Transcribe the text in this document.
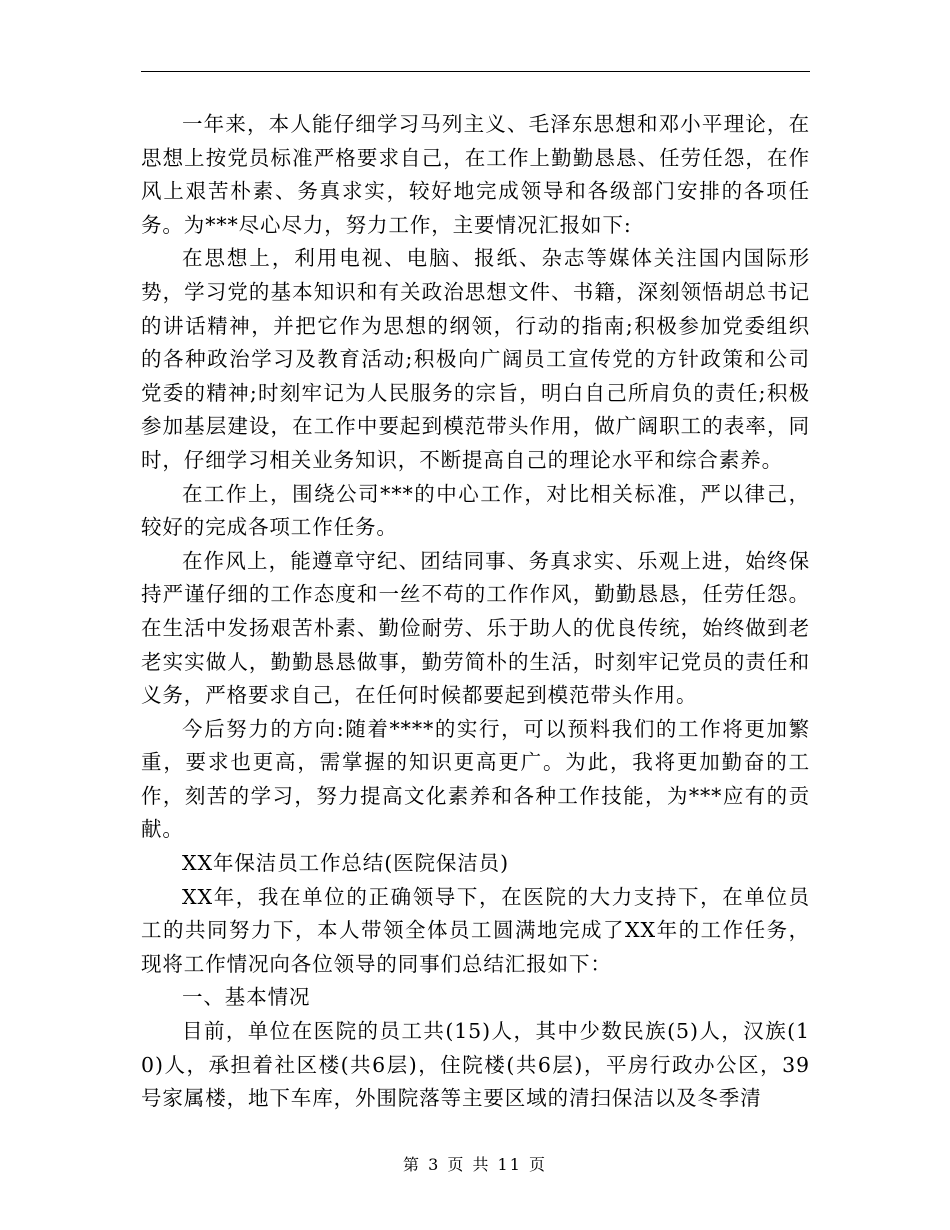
一年来，本人能仔细学习马列主义、毛泽东思想和邓小平理论，在思想上按党员标准严格要求自己，在工作上勤勤恳恳、任劳任怨，在作风上艰苦朴素、务真求实，较好地完成领导和各级部门安排的各项任务。为***尽心尽力，努力工作，主要情况汇报如下:

在思想上，利用电视、电脑、报纸、杂志等媒体关注国内国际形势，学习党的基本知识和有关政治思想文件、书籍，深刻领悟胡总书记的讲话精神，并把它作为思想的纲领，行动的指南;积极参加党委组织的各种政治学习及教育活动;积极向广阔员工宣传党的方针政策和公司党委的精神;时刻牢记为人民服务的宗旨，明白自己所肩负的责任;积极参加基层建设，在工作中要起到模范带头作用，做广阔职工的表率，同时，仔细学习相关业务知识，不断提高自己的理论水平和综合素养。

在工作上，围绕公司***的中心工作，对比相关标准，严以律己，较好的完成各项工作任务。

在作风上，能遵章守纪、团结同事、务真求实、乐观上进，始终保持严谨仔细的工作态度和一丝不苟的工作作风，勤勤恳恳，任劳任怨。在生活中发扬艰苦朴素、勤俭耐劳、乐于助人的优良传统，始终做到老老实实做人，勤勤恳恳做事，勤劳简朴的生活，时刻牢记党员的责任和义务，严格要求自己，在任何时候都要起到模范带头作用。

今后努力的方向:随着****的实行，可以预料我们的工作将更加繁重，要求也更高，需掌握的知识更高更广。为此，我将更加勤奋的工作，刻苦的学习，努力提高文化素养和各种工作技能，为***应有的贡献。

XX年保洁员工作总结(医院保洁员)

XX年，我在单位的正确领导下，在医院的大力支持下，在单位员工的共同努力下，本人带领全体员工圆满地完成了XX年的工作任务，现将工作情况向各位领导的同事们总结汇报如下：

一、基本情况

目前，单位在医院的员工共(15)人，其中少数民族(5)人，汉族(10)人，承担着社区楼(共6层)，住院楼(共6层)，平房行政办公区，39号家属楼，地下车库，外围院落等主要区域的清扫保洁以及冬季清

第 3 页 共 11 页
